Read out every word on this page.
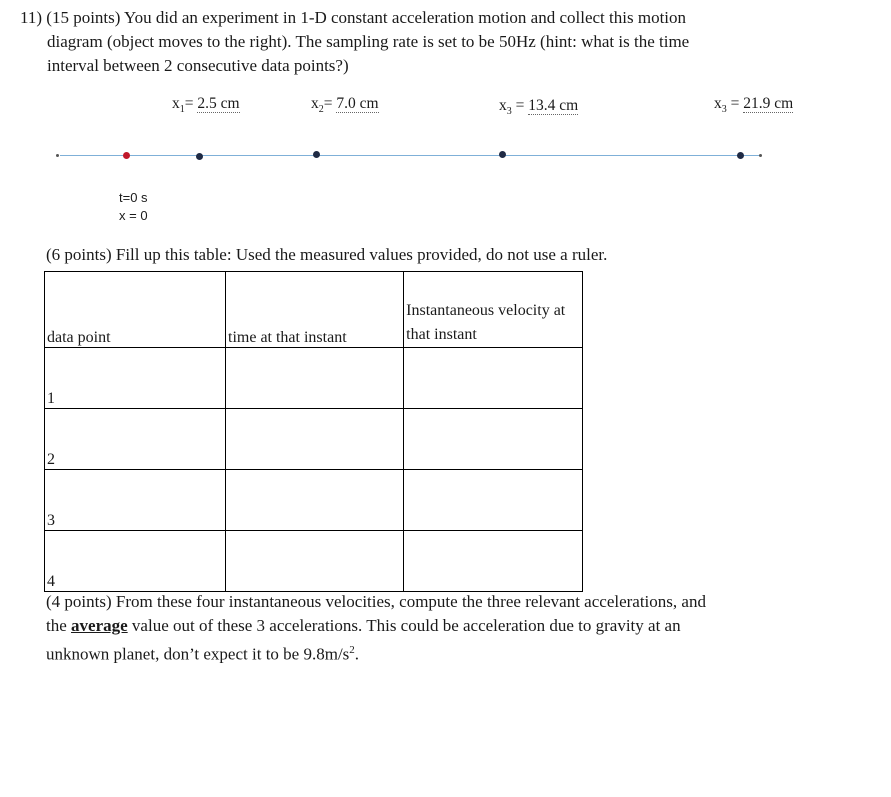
11) (15 points) You did an experiment in 1-D constant acceleration motion and collect this motion
diagram (object moves to the right). The sampling rate is set to be 50Hz (hint: what is the time
interval between 2 consecutive data points?)
$x_1= 2.5$ cm	$x_2= 7.0$ cm	$x_3 = 13.4$ cm	$x_3 = 21.9$ cm
t=0 s
x = 0
(6 points) Fill up this table: Used the measured values provided, do not use a ruler.
data point	time at that instant	Instantaneous velocity at that instant
1		
2		
3		
4		
(4 points) From these four instantaneous velocities, compute the three relevant accelerations, and
the average value out of these 3 accelerations. This could be acceleration due to gravity at an
unknown planet, don’t expect it to be $9.8m/s^2$.
